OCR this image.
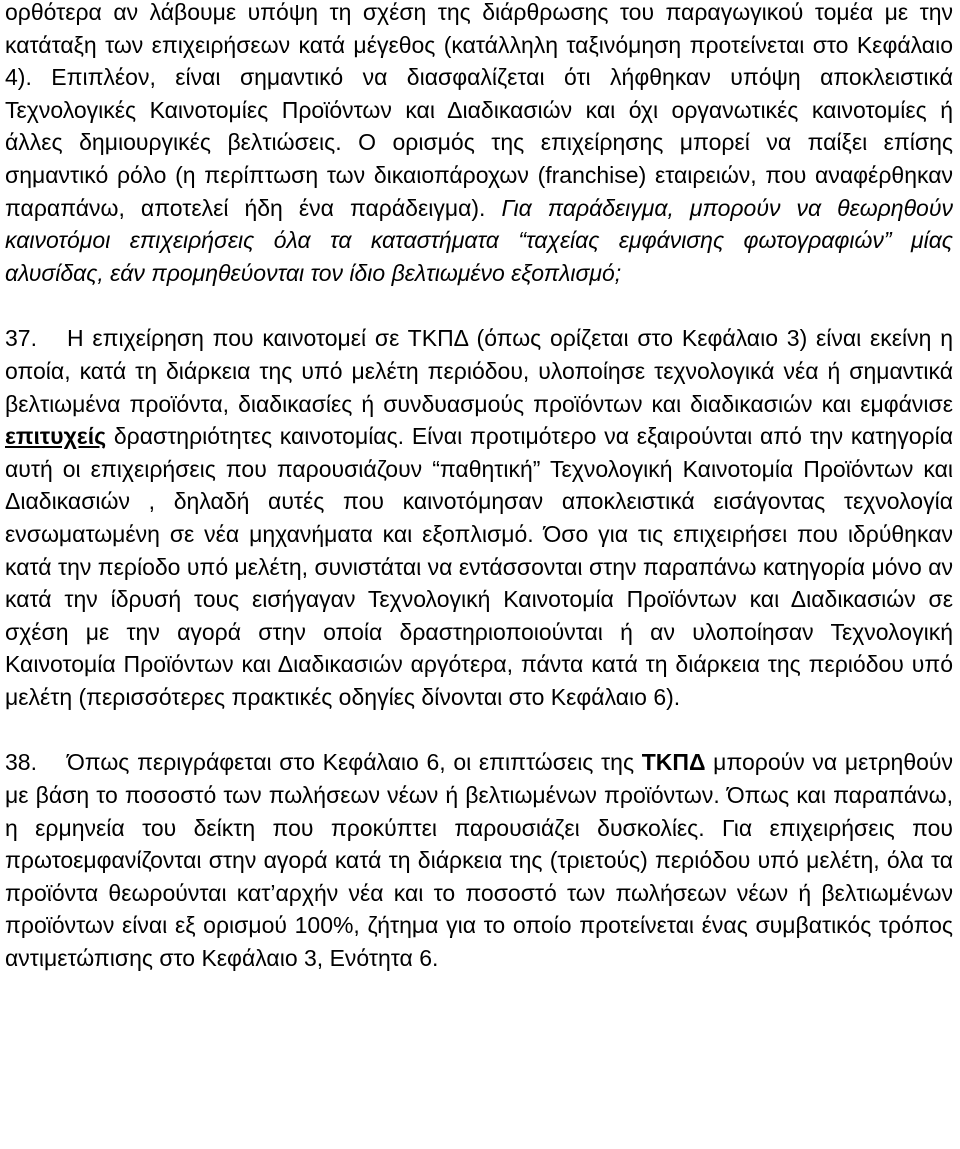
ορθότερα αν λάβουμε υπόψη τη σχέση της διάρθρωσης του παραγωγικού τομέα με την κατάταξη των επιχειρήσεων κατά μέγεθος (κατάλληλη ταξινόμηση προτείνεται στο Κεφάλαιο 4). Επιπλέον, είναι σημαντικό να διασφαλίζεται ότι λήφθηκαν υπόψη αποκλειστικά Τεχνολογικές Καινοτομίες Προϊόντων και Διαδικασιών και όχι οργανωτικές καινοτομίες ή άλλες δημιουργικές βελτιώσεις. Ο ορισμός της επιχείρησης μπορεί να παίξει επίσης σημαντικό ρόλο (η περίπτωση των δικαιοπάροχων (franchise) εταιρειών, που αναφέρθηκαν παραπάνω, αποτελεί ήδη ένα παράδειγμα). Για παράδειγμα, μπορούν να θεωρηθούν καινοτόμοι επιχειρήσεις όλα τα καταστήματα “ταχείας εμφάνισης φωτογραφιών” μίας αλυσίδας, εάν προμηθεύονται τον ίδιο βελτιωμένο εξοπλισμό;

37. Η επιχείρηση που καινοτομεί σε ΤΚΠΔ (όπως ορίζεται στο Κεφάλαιο 3) είναι εκείνη η οποία, κατά τη διάρκεια της υπό μελέτη περιόδου, υλοποίησε τεχνολογικά νέα ή σημαντικά βελτιωμένα προϊόντα, διαδικασίες ή συνδυασμούς προϊόντων και διαδικασιών και εμφάνισε επιτυχείς δραστηριότητες καινοτομίας. Είναι προτιμότερο να εξαιρούνται από την κατηγορία αυτή οι επιχειρήσεις που παρουσιάζουν “παθητική” Τεχνολογική Καινοτομία Προϊόντων και Διαδικασιών , δηλαδή αυτές που καινοτόμησαν αποκλειστικά εισάγοντας τεχνολογία ενσωματωμένη σε νέα μηχανήματα και εξοπλισμό. Όσο για τις επιχειρήσει που ιδρύθηκαν κατά την περίοδο υπό μελέτη, συνιστάται να εντάσσονται στην παραπάνω κατηγορία μόνο αν κατά την ίδρυσή τους εισήγαγαν Τεχνολογική Καινοτομία Προϊόντων και Διαδικασιών σε σχέση με την αγορά στην οποία δραστηριοποιούνται ή αν υλοποίησαν Τεχνολογική Καινοτομία Προϊόντων και Διαδικασιών αργότερα, πάντα κατά τη διάρκεια της περιόδου υπό μελέτη (περισσότερες πρακτικές οδηγίες δίνονται στο Κεφάλαιο 6).

38. Όπως περιγράφεται στο Κεφάλαιο 6, οι επιπτώσεις της ΤΚΠΔ μπορούν να μετρηθούν με βάση το ποσοστό των πωλήσεων νέων ή βελτιωμένων προϊόντων. Όπως και παραπάνω, η ερμηνεία του δείκτη που προκύπτει παρουσιάζει δυσκολίες. Για επιχειρήσεις που πρωτοεμφανίζονται στην αγορά κατά τη διάρκεια της (τριετούς) περιόδου υπό μελέτη, όλα τα προϊόντα θεωρούνται κατ’αρχήν νέα και το ποσοστό των πωλήσεων νέων ή βελτιωμένων προϊόντων είναι εξ ορισμού 100%, ζήτημα για το οποίο προτείνεται ένας συμβατικός τρόπος αντιμετώπισης στο Κεφάλαιο 3, Ενότητα 6.
